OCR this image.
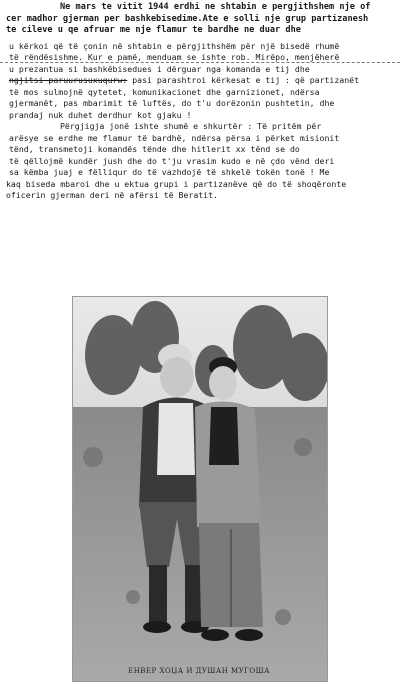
Ne mars te vitit 1944 erdhi ne shtabin e pergjithshem nje of
cer madhor gjerman per bashkebisedime.Ate e solli nje grup partizanesh
te cileve u qe afruar me nje flamur te bardhe ne duar dhe
u kërkoi që të çonin në shtabin e përgjithshëm për një bisedë rhumë
të rëndësishme. Kur e pamë, menduam se ishte rob. Mirëpo, menjëherë
u prezantua si bashkëbisedues i dërguar nga komanda e tij dhe
ngjitsi paruurusuxuqurw: pasi parashtroi kërkesat e tij : që partizanët
të mos sulmojnë qytetet, komunikacionet dhe garnizionet, ndërsa
gjermanët, pas mbarimit të luftës, do t'u dorëzonin pushtetin, dhe
prandaj nuk duhet derdhur kot gjaku !
Përgjigja jonë ishte shumë e shkurtër : Të pritëm për
arësye se erdhe me flamur të bardhë, ndërsa përsa i përket misionit
tënd, transmetoji komandës tënde dhe hitlerit xx tënd se do
të qëllojmë kundër jush dhe do t'ju vrasim kudo e në çdo vënd deri
sa këmba juaj e fëlliqur do të vazhdojë të shkelë tokën tonë ! Me
kaq biseda mbaroi dhe u ektua grupi i partizanëve që do të shoqëronte
oficerin gjerman deri në afërsi të Beratit.
ЕНВЕР ХОЏА И ДУШАН МУГОША
